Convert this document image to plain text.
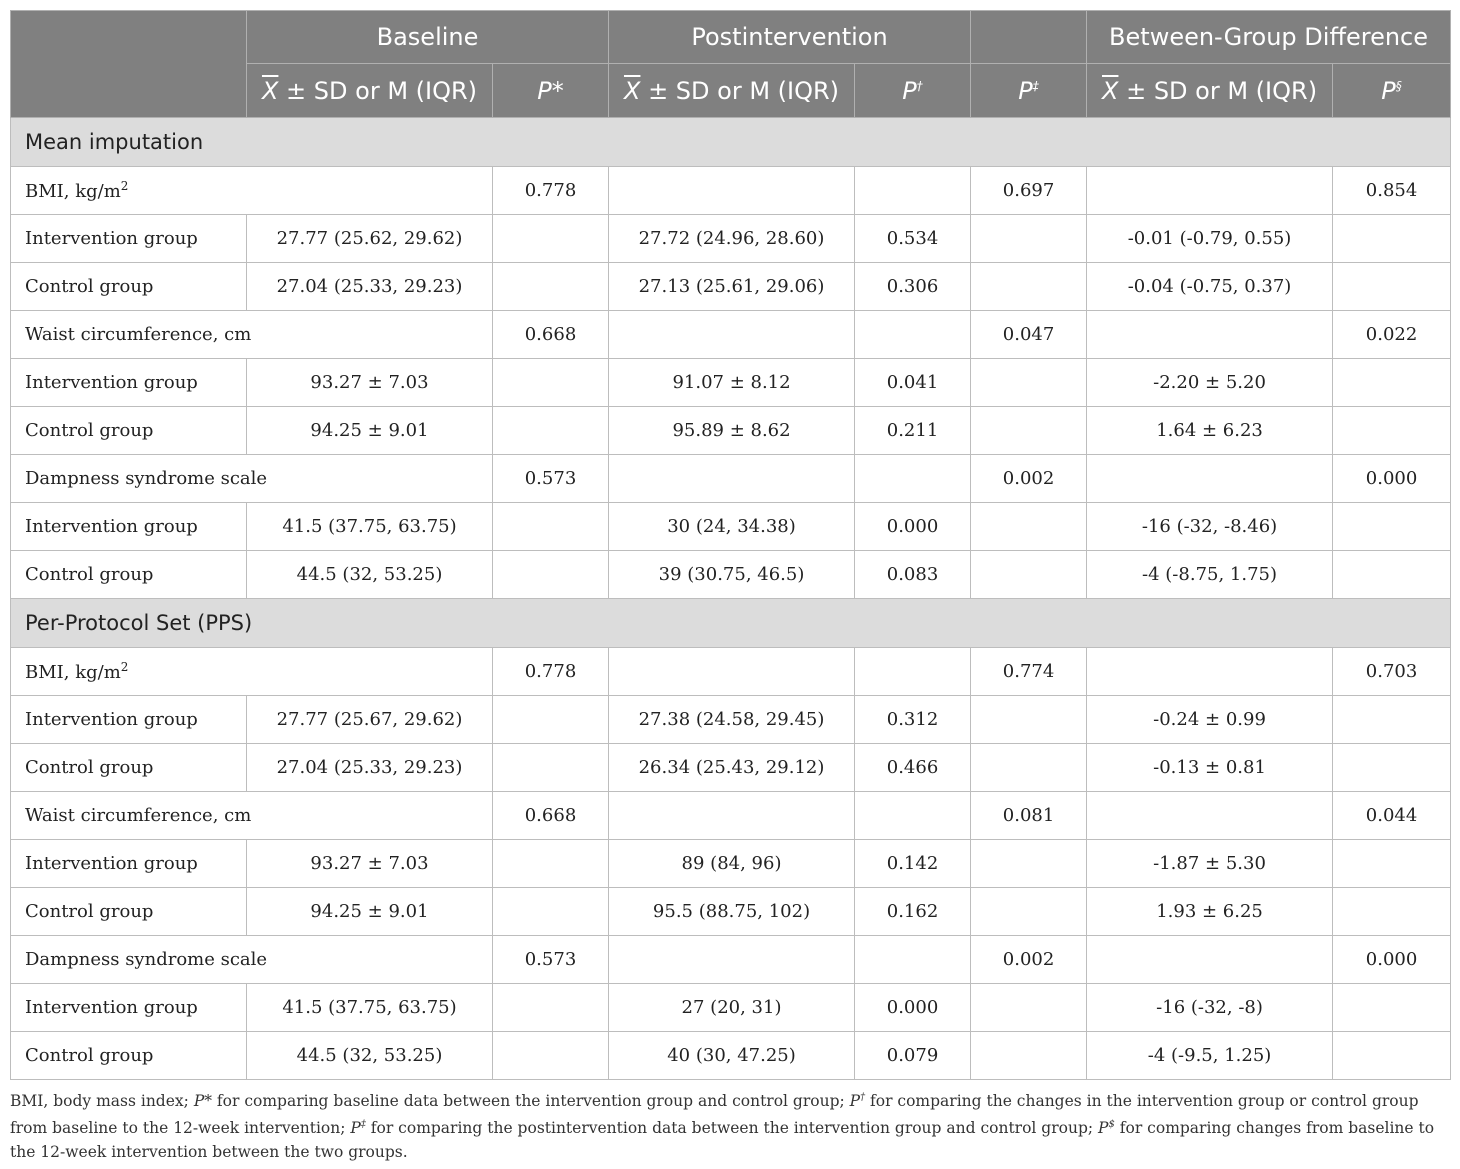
	Baseline		Postintervention			Between-Group Difference	
	$\overline{X}$ ± SD or M (IQR)	P*	$\overline{X}$ ± SD or M (IQR)	P†	P‡	$\overline{X}$ ± SD or M (IQR)	P§
Mean imputation							
BMI, $kg/m^2$		0.778			0.697		0.854
Intervention group	27.77 (25.62, 29.62)		27.72 (24.96, 28.60)	0.534		-0.01 (-0.79, 0.55)	
Control group	27.04 (25.33, 29.23)		27.13 (25.61, 29.06)	0.306		-0.04 (-0.75, 0.37)	
Waist circumference, cm		0.668			0.047		0.022
Intervention group	93.27 ± 7.03		91.07 ± 8.12	0.041		-2.20 ± 5.20	
Control group	94.25 ± 9.01		95.89 ± 8.62	0.211		1.64 ± 6.23	
Dampness syndrome scale		0.573			0.002		0.000
Intervention group	41.5 (37.75, 63.75)		30 (24, 34.38)	0.000		-16 (-32, -8.46)	
Control group	44.5 (32, 53.25)		39 (30.75, 46.5)	0.083		-4 (-8.75, 1.75)	
Per-Protocol Set (PPS)							
BMI, $kg/m^2$		0.778			0.774		0.703
Intervention group	27.77 (25.67, 29.62)		27.38 (24.58, 29.45)	0.312		-0.24 ± 0.99	
Control group	27.04 (25.33, 29.23)		26.34 (25.43, 29.12)	0.466		-0.13 ± 0.81	
Waist circumference, cm		0.668			0.081		0.044
Intervention group	93.27 ± 7.03		89 (84, 96)	0.142		-1.87 ± 5.30	
Control group	94.25 ± 9.01		95.5 (88.75, 102)	0.162		1.93 ± 6.25	
Dampness syndrome scale		0.573			0.002		0.000
Intervention group	41.5 (37.75, 63.75)		27 (20, 31)	0.000		-16 (-32, -8)	
Control group	44.5 (32, 53.25)		40 (30, 47.25)	0.079		-4 (-9.5, 1.25)	
BMI, body mass index; P* for comparing baseline data between the intervention group and control group; P† for comparing the changes in the intervention group or control group from baseline to the 12-week intervention; P‡ for comparing the postintervention data between the intervention group and control group; P$ for comparing changes from baseline to the 12-week intervention between the two groups.
